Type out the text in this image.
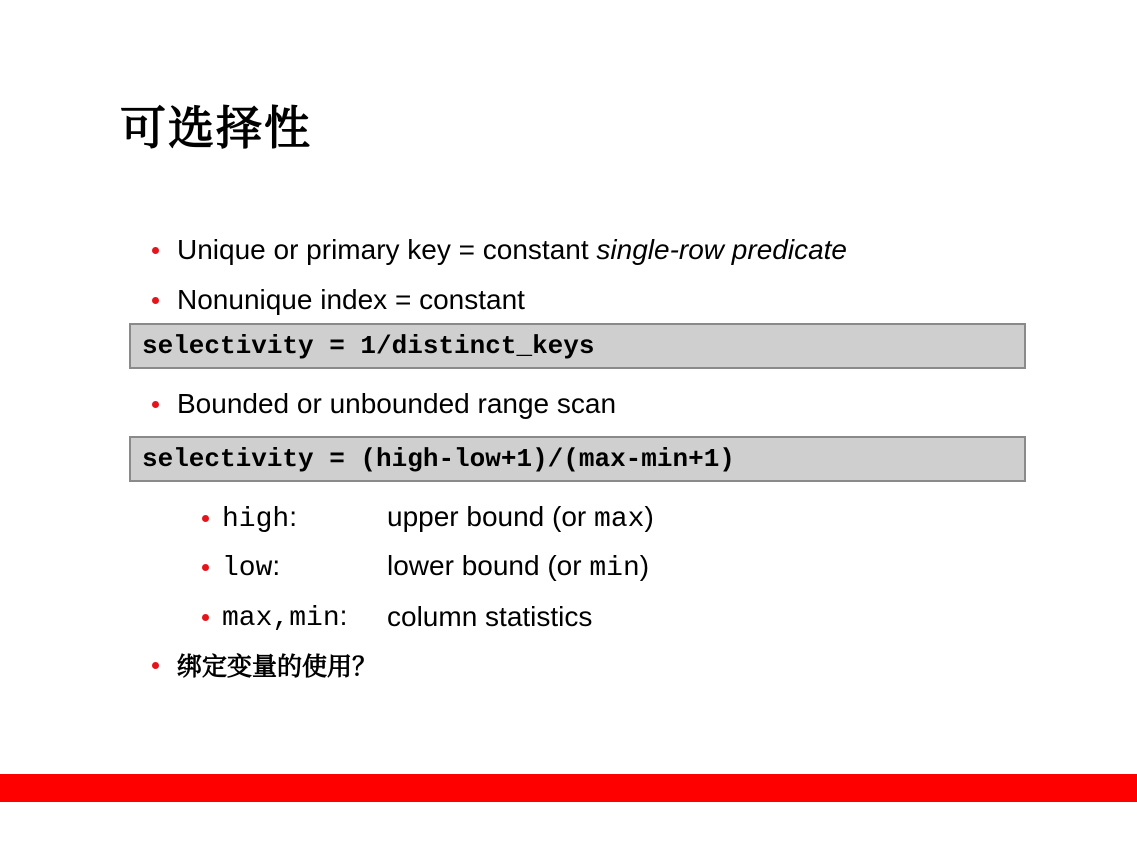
可选择性
Unique or primary key = constant single-row predicate
Nonunique index = constant
selectivity = 1/distinct_keys
Bounded or unbounded range scan
selectivity = (high-low+1)/(max-min+1)
high:	upper bound (or max)
low:	lower bound (or min)
max,min:	column statistics
绑定变量的使用？
